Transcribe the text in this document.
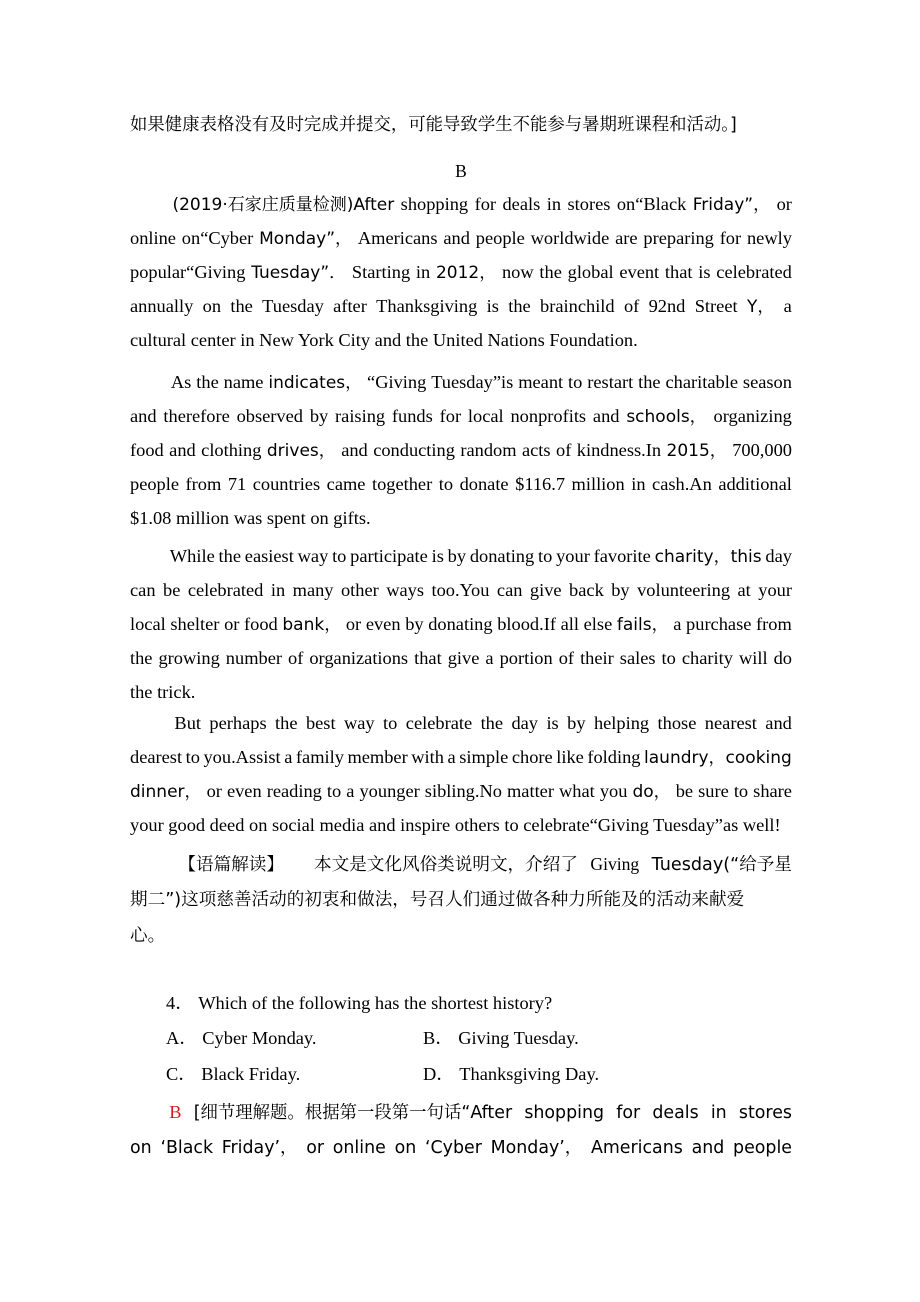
如果健康表格没有及时完成并提交，可能导致学生不能参与暑期班课程和活动。]
B
(2019·石家庄质量检测)After shopping for deals in stores on“Black Friday”， or
online on“Cyber Monday”， Americans and people worldwide are preparing for newly
popular“Giving Tuesday”． Starting in 2012， now the global event that is celebrated
annually on the Tuesday after Thanksgiving is the brainchild of 92nd Street Y， a
cultural center in New York City and the United Nations Foundation.
As the name indicates， “Giving Tuesday”is meant to restart the charitable season
and therefore observed by raising funds for local nonprofits and schools， organizing
food and clothing drives， and conducting random acts of kindness.In 2015， 700,000
people from 71 countries came together to donate $116.7 million in cash.An additional
$1.08 million was spent on gifts.
While the easiest way to participate is by donating to your favorite charity，this day
can be celebrated in many other ways too.You can give back by volunteering at your
local shelter or food bank， or even by donating blood.If all else fails， a purchase from
the growing number of organizations that give a portion of their sales to charity will do
the trick.
But perhaps the best way to celebrate the day is by helping those nearest and
dearest to you.Assist a family member with a simple chore like folding laundry，cooking
dinner， or even reading to a younger sibling.No matter what you do， be sure to share
your good deed on social media and inspire others to celebrate“Giving Tuesday”as well!
【语篇解读】 　本文是文化风俗类说明文，介绍了 Giving Tuesday(“给予星
期二”)这项慈善活动的初衷和做法，号召人们通过做各种力所能及的活动来献爱
心。
4． Which of the following has the shortest history?
A． Cyber Monday.	B． Giving Tuesday.
C． Black Friday.	D． Thanksgiving Day.
B [细节理解题。根据第一段第一句话“After shopping for deals in stores
on ‘Black Friday’， or online on ‘Cyber Monday’， Americans and people
